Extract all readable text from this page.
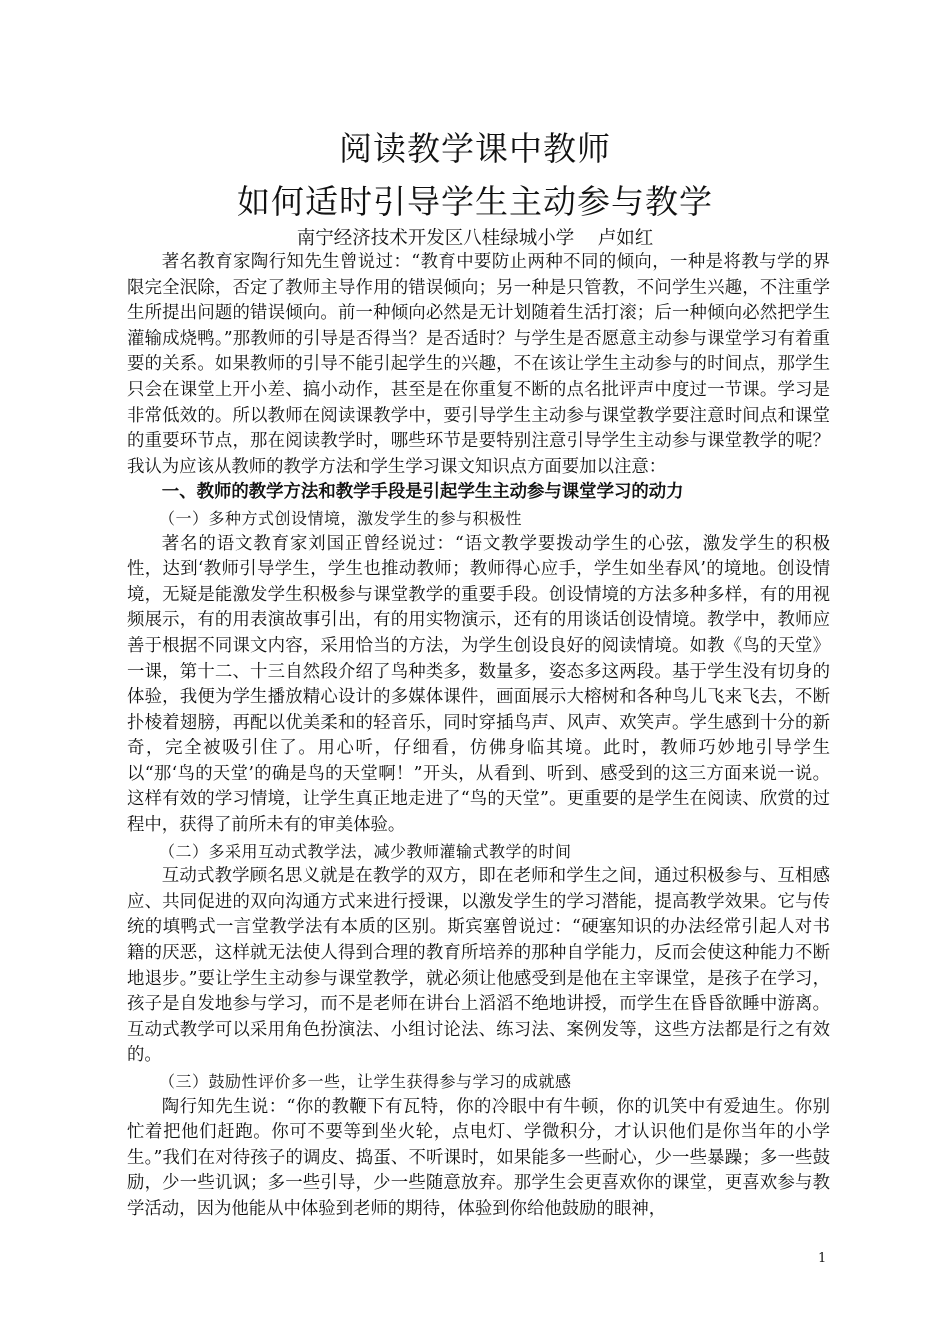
阅读教学课中教师
如何适时引导学生主动参与教学
南宁经济技术开发区八桂绿城小学    卢如红

著名教育家陶行知先生曾说过：“教育中要防止两种不同的倾向，一种是将教与学的界限完全泯除，否定了教师主导作用的错误倾向；另一种是只管教，不问学生兴趣，不注重学生所提出问题的错误倾向。前一种倾向必然是无计划随着生活打滚；后一种倾向必然把学生灌输成烧鸭。”那教师的引导是否得当？是否适时？与学生是否愿意主动参与课堂学习有着重要的关系。如果教师的引导不能引起学生的兴趣，不在该让学生主动参与的时间点，那学生只会在课堂上开小差、搞小动作，甚至是在你重复不断的点名批评声中度过一节课。学习是非常低效的。所以教师在阅读课教学中，要引导学生主动参与课堂教学要注意时间点和课堂的重要环节点，那在阅读教学时，哪些环节是要特别注意引导学生主动参与课堂教学的呢？我认为应该从教师的教学方法和学生学习课文知识点方面要加以注意：

一、教师的教学方法和教学手段是引起学生主动参与课堂学习的动力
（一）多种方式创设情境，激发学生的参与积极性

著名的语文教育家刘国正曾经说过：“语文教学要拨动学生的心弦，激发学生的积极性，达到‘教师引导学生，学生也推动教师；教师得心应手，学生如坐春风’的境地。创设情境，无疑是能激发学生积极参与课堂教学的重要手段。创设情境的方法多种多样，有的用视频展示，有的用表演故事引出，有的用实物演示，还有的用谈话创设情境。教学中，教师应善于根据不同课文内容，采用恰当的方法，为学生创设良好的阅读情境。如教《鸟的天堂》一课，第十二、十三自然段介绍了鸟种类多，数量多，姿态多这两段。基于学生没有切身的体验，我便为学生播放精心设计的多媒体课件，画面展示大榕树和各种鸟儿飞来飞去，不断扑棱着翅膀，再配以优美柔和的轻音乐，同时穿插鸟声、风声、欢笑声。学生感到十分的新奇，完全被吸引住了。用心听，仔细看，仿佛身临其境。此时，教师巧妙地引导学生以“那‘鸟的天堂’的确是鸟的天堂啊！”开头，从看到、听到、感受到的这三方面来说一说。这样有效的学习情境，让学生真正地走进了“鸟的天堂”。更重要的是学生在阅读、欣赏的过程中，获得了前所未有的审美体验。

（二）多采用互动式教学法，减少教师灌输式教学的时间

互动式教学顾名思义就是在教学的双方，即在老师和学生之间，通过积极参与、互相感应、共同促进的双向沟通方式来进行授课，以激发学生的学习潜能，提高教学效果。它与传统的填鸭式一言堂教学法有本质的区别。斯宾塞曾说过：“硬塞知识的办法经常引起人对书籍的厌恶，这样就无法使人得到合理的教育所培养的那种自学能力，反而会使这种能力不断地退步。”要让学生主动参与课堂教学，就必须让他感受到是他在主宰课堂，是孩子在学习，孩子是自发地参与学习，而不是老师在讲台上滔滔不绝地讲授，而学生在昏昏欲睡中游离。互动式教学可以采用角色扮演法、小组讨论法、练习法、案例发等，这些方法都是行之有效的。

（三）鼓励性评价多一些，让学生获得参与学习的成就感

陶行知先生说：“你的教鞭下有瓦特，你的冷眼中有牛顿，你的讥笑中有爱迪生。你别忙着把他们赶跑。你可不要等到坐火轮，点电灯、学微积分，才认识他们是你当年的小学生。”我们在对待孩子的调皮、捣蛋、不听课时，如果能多一些耐心，少一些暴躁；多一些鼓励，少一些讥讽；多一些引导，少一些随意放弃。那学生会更喜欢你的课堂，更喜欢参与教学活动，因为他能从中体验到老师的期待，体验到你给他鼓励的眼神，

1
